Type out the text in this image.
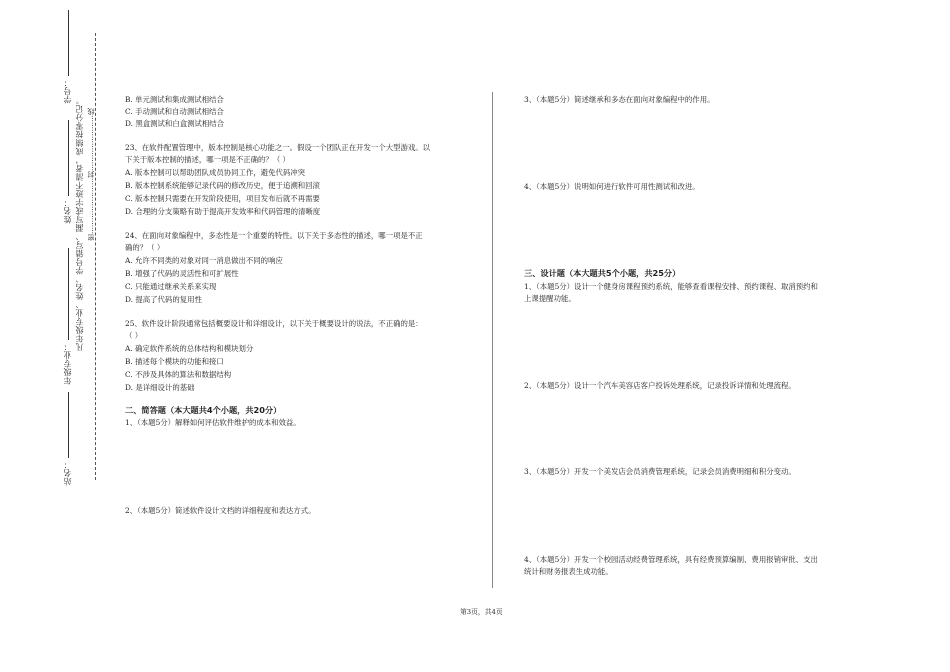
学号：
姓名：
年级专业：
站名：
凡年级专业、姓名、学号错写、漏写或字迹不清者，成绩按零分记。 密……………………封……………………线
B. 单元测试和集成测试相结合
C. 手动测试和自动测试相结合
D. 黑盒测试和白盒测试相结合
23、在软件配置管理中，版本控制是核心功能之一。假设一个团队正在开发一个大型游戏。以
下关于版本控制的描述，哪一项是不正确的？（ ）
A. 版本控制可以帮助团队成员协同工作，避免代码冲突
B. 版本控制系统能够记录代码的修改历史，便于追溯和回滚
C. 版本控制只需要在开发阶段使用，项目发布后就不再需要
D. 合理的分支策略有助于提高开发效率和代码管理的清晰度
24、在面向对象编程中，多态性是一个重要的特性。以下关于多态性的描述，哪一项是不正
确的？（ ）
A. 允许不同类的对象对同一消息做出不同的响应
B. 增强了代码的灵活性和可扩展性
C. 只能通过继承关系来实现
D. 提高了代码的复用性
25、软件设计阶段通常包括概要设计和详细设计，以下关于概要设计的说法，不正确的是：
（ ）
A. 确定软件系统的总体结构和模块划分
B. 描述每个模块的功能和接口
C. 不涉及具体的算法和数据结构
D. 是详细设计的基础
二、简答题（本大题共4个小题，共20分）
1、（本题5分）解释如何评估软件维护的成本和效益。
2、（本题5分）简述软件设计文档的详细程度和表达方式。
3、（本题5分）简述继承和多态在面向对象编程中的作用。
4、（本题5分）说明如何进行软件可用性测试和改进。
三、设计题（本大题共5个小题，共25分）
1、（本题5分）设计一个健身房课程预约系统，能够查看课程安排、预约课程、取消预约和
上课提醒功能。
2、（本题5分）设计一个汽车美容店客户投诉处理系统，记录投诉详情和处理流程。
3、（本题5分）开发一个美发店会员消费管理系统，记录会员消费明细和积分变动。
4、（本题5分）开发一个校园活动经费管理系统，具有经费预算编制、费用报销审批、支出
统计和财务报表生成功能。
第3页，共4页
